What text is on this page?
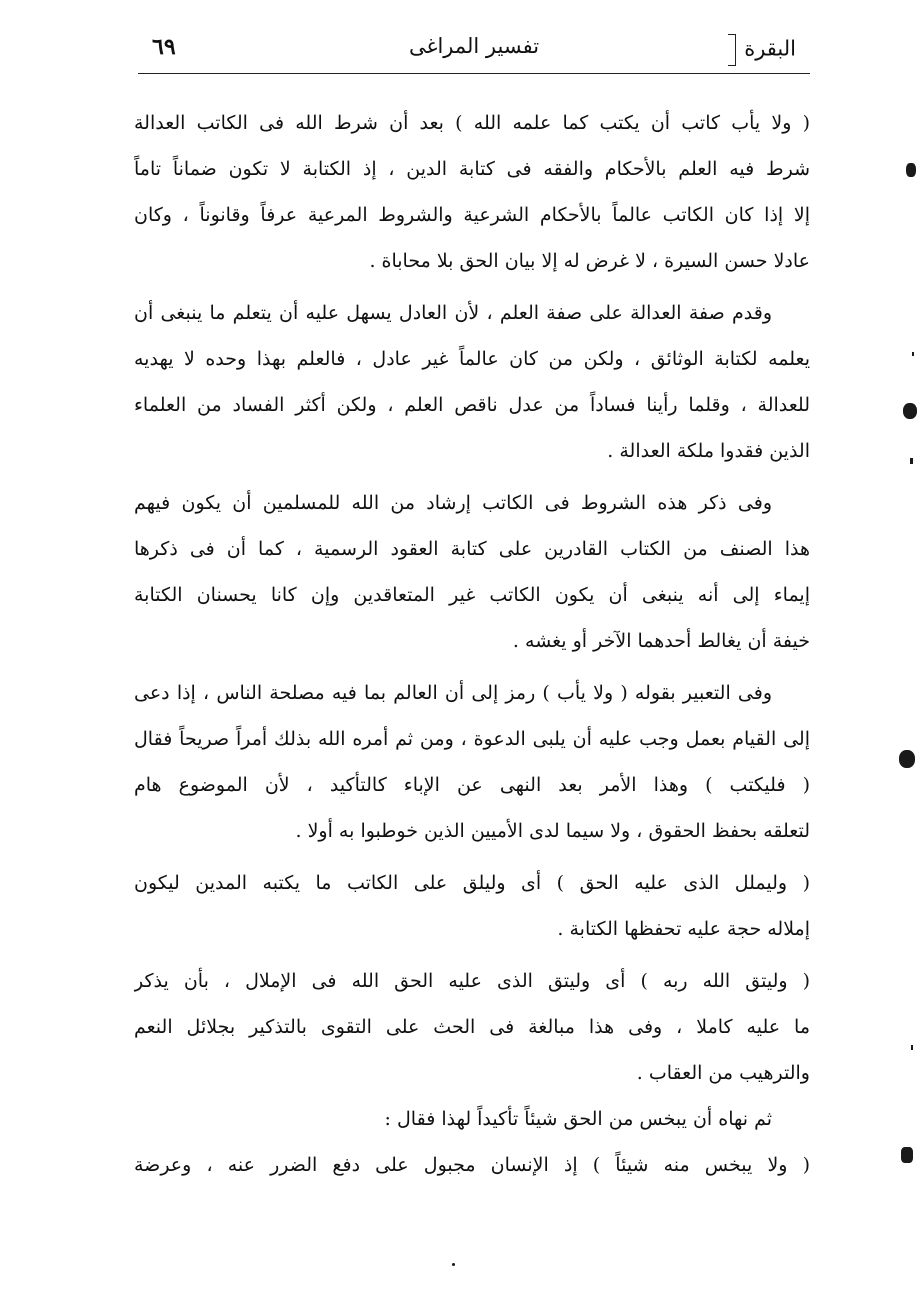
٦٩	تفسير المراغى	البقرة
( ولا يأب كاتب أن يكتب كما علمه الله ) بعد أن شرط الله فى الكاتب العدالة
شرط فيه العلم بالأحكام والفقه فى كتابة الدين ، إذ الكتابة لا تكون ضماناً تاماً
إلا إذا كان الكاتب عالماً بالأحكام الشرعية والشروط المرعية عرفاً وقانوناً ، وكان
عادلا حسن السيرة ، لا غرض له إلا بيان الحق بلا محاباة .
وقدم صفة العدالة على صفة العلم ، لأن العادل يسهل عليه أن يتعلم ما ينبغى أن
يعلمه لكتابة الوثائق ، ولكن من كان عالماً غير عادل ، فالعلم بهذا وحده لا يهديه
للعدالة ، وقلما رأينا فساداً من عدل ناقص العلم ، ولكن أكثر الفساد من العلماء
الذين فقدوا ملكة العدالة .
وفى ذكر هذه الشروط فى الكاتب إرشاد من الله للمسلمين أن يكون فيهم
هذا الصنف من الكتاب القادرين على كتابة العقود الرسمية ، كما أن فى ذكرها
إيماء إلى أنه ينبغى أن يكون الكاتب غير المتعاقدين وإن كانا يحسنان الكتابة
خيفة أن يغالط أحدهما الآخر أو يغشه .
وفى التعبير بقوله ( ولا يأب ) رمز إلى أن العالم بما فيه مصلحة الناس ، إذا دعى
إلى القيام بعمل وجب عليه أن يلبى الدعوة ، ومن ثم أمره الله بذلك أمراً صريحاً فقال
( فليكتب ) وهذا الأمر بعد النهى عن الإباء كالتأكيد ، لأن الموضوع هام
لتعلقه بحفظ الحقوق ، ولا سيما لدى الأميين الذين خوطبوا به أولا .
( وليملل الذى عليه الحق ) أى وليلق على الكاتب ما يكتبه المدين ليكون
إملاله حجة عليه تحفظها الكتابة .
( وليتق الله ربه ) أى وليتق الذى عليه الحق الله فى الإملال ، بأن يذكر
ما عليه كاملا ، وفى هذا مبالغة فى الحث على التقوى بالتذكير بجلائل النعم
والترهيب من العقاب .
ثم نهاه أن يبخس من الحق شيئاً تأكيداً لهذا فقال :
( ولا يبخس منه شيئاً ) إذ الإنسان مجبول على دفع الضرر عنه ، وعرضة
